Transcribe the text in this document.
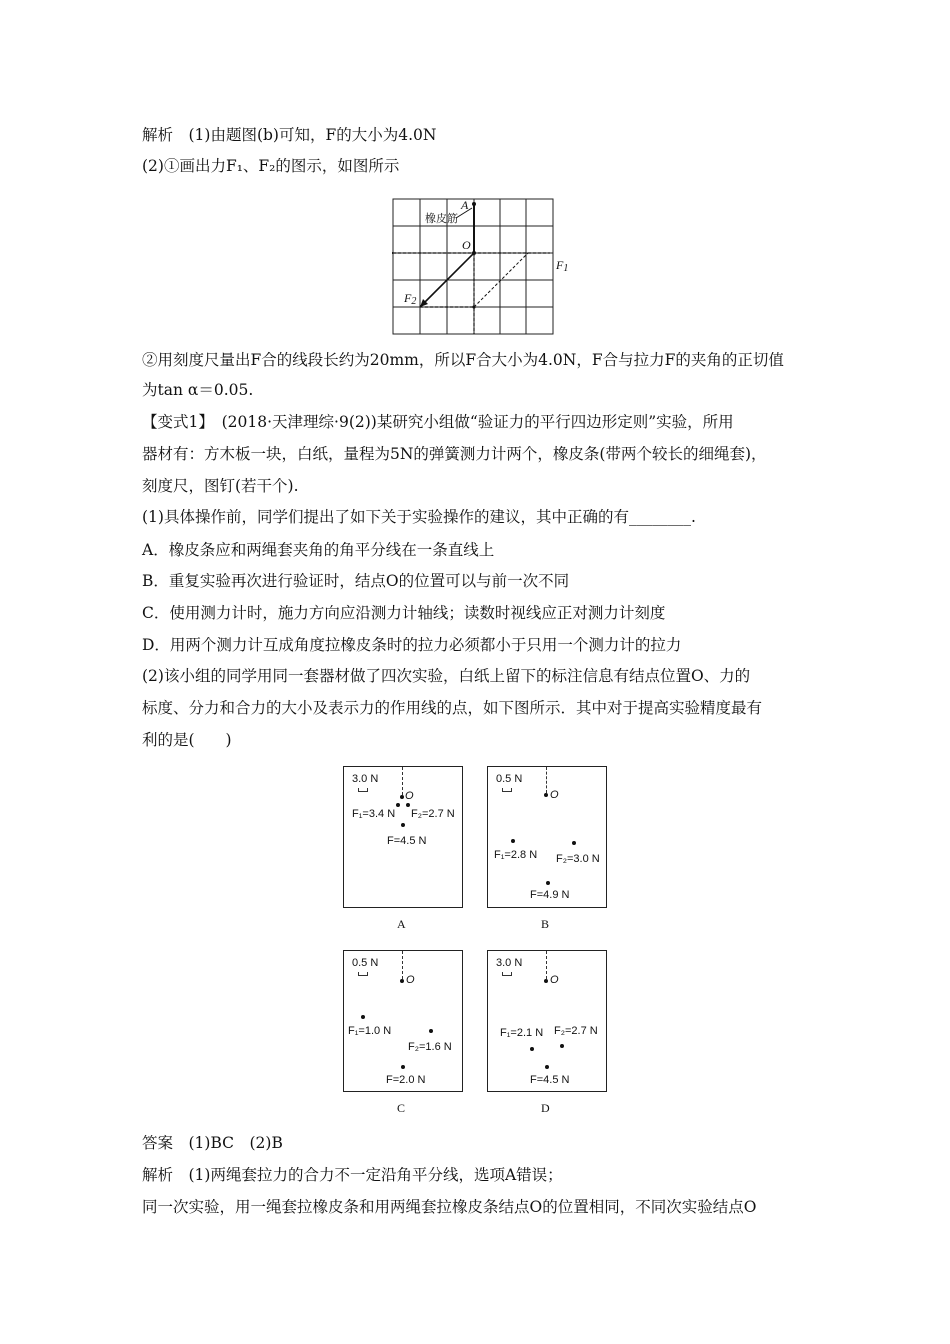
解析　(1)由题图(b)可知，F的大小为4.0N
(2)①画出力F₁、F₂的图示，如图所示
A
橡皮筋
O
$F_1$
$F_2$
②用刻度尺量出F合的线段长约为20mm，所以F合大小为4.0N，F合与拉力F的夹角的正切值
为tan α＝0.05.
【变式1】　(2018·天津理综·9(2))某研究小组做“验证力的平行四边形定则”实验，所用
器材有：方木板一块，白纸，量程为5N的弹簧测力计两个，橡皮条(带两个较长的细绳套)，
刻度尺，图钉(若干个).
(1)具体操作前，同学们提出了如下关于实验操作的建议，其中正确的有________.
A．橡皮条应和两绳套夹角的角平分线在一条直线上
B．重复实验再次进行验证时，结点O的位置可以与前一次不同
C．使用测力计时，施力方向应沿测力计轴线；读数时视线应正对测力计刻度
D．用两个测力计互成角度拉橡皮条时的拉力必须都小于只用一个测力计的拉力
(2)该小组的同学用同一套器材做了四次实验，白纸上留下的标注信息有结点位置O、力的
标度、分力和合力的大小及表示力的作用线的点，如下图所示．其中对于提高实验精度最有
利的是(　　)
3.0 N
O
F₁=3.4 N F₂=2.7 N
F=4.5 N
A
0.5 N
O
F₁=2.8 N F₂=3.0 N
F=4.9 N
B
0.5 N
O
F₁=1.0 N
F₂=1.6 N
F=2.0 N
C
3.0 N
O
F₁=2.1 N F₂=2.7 N
F=4.5 N
D
答案　(1)BC　(2)B
解析　(1)两绳套拉力的合力不一定沿角平分线，选项A错误；
同一次实验，用一绳套拉橡皮条和用两绳套拉橡皮条结点O的位置相同，不同次实验结点O
